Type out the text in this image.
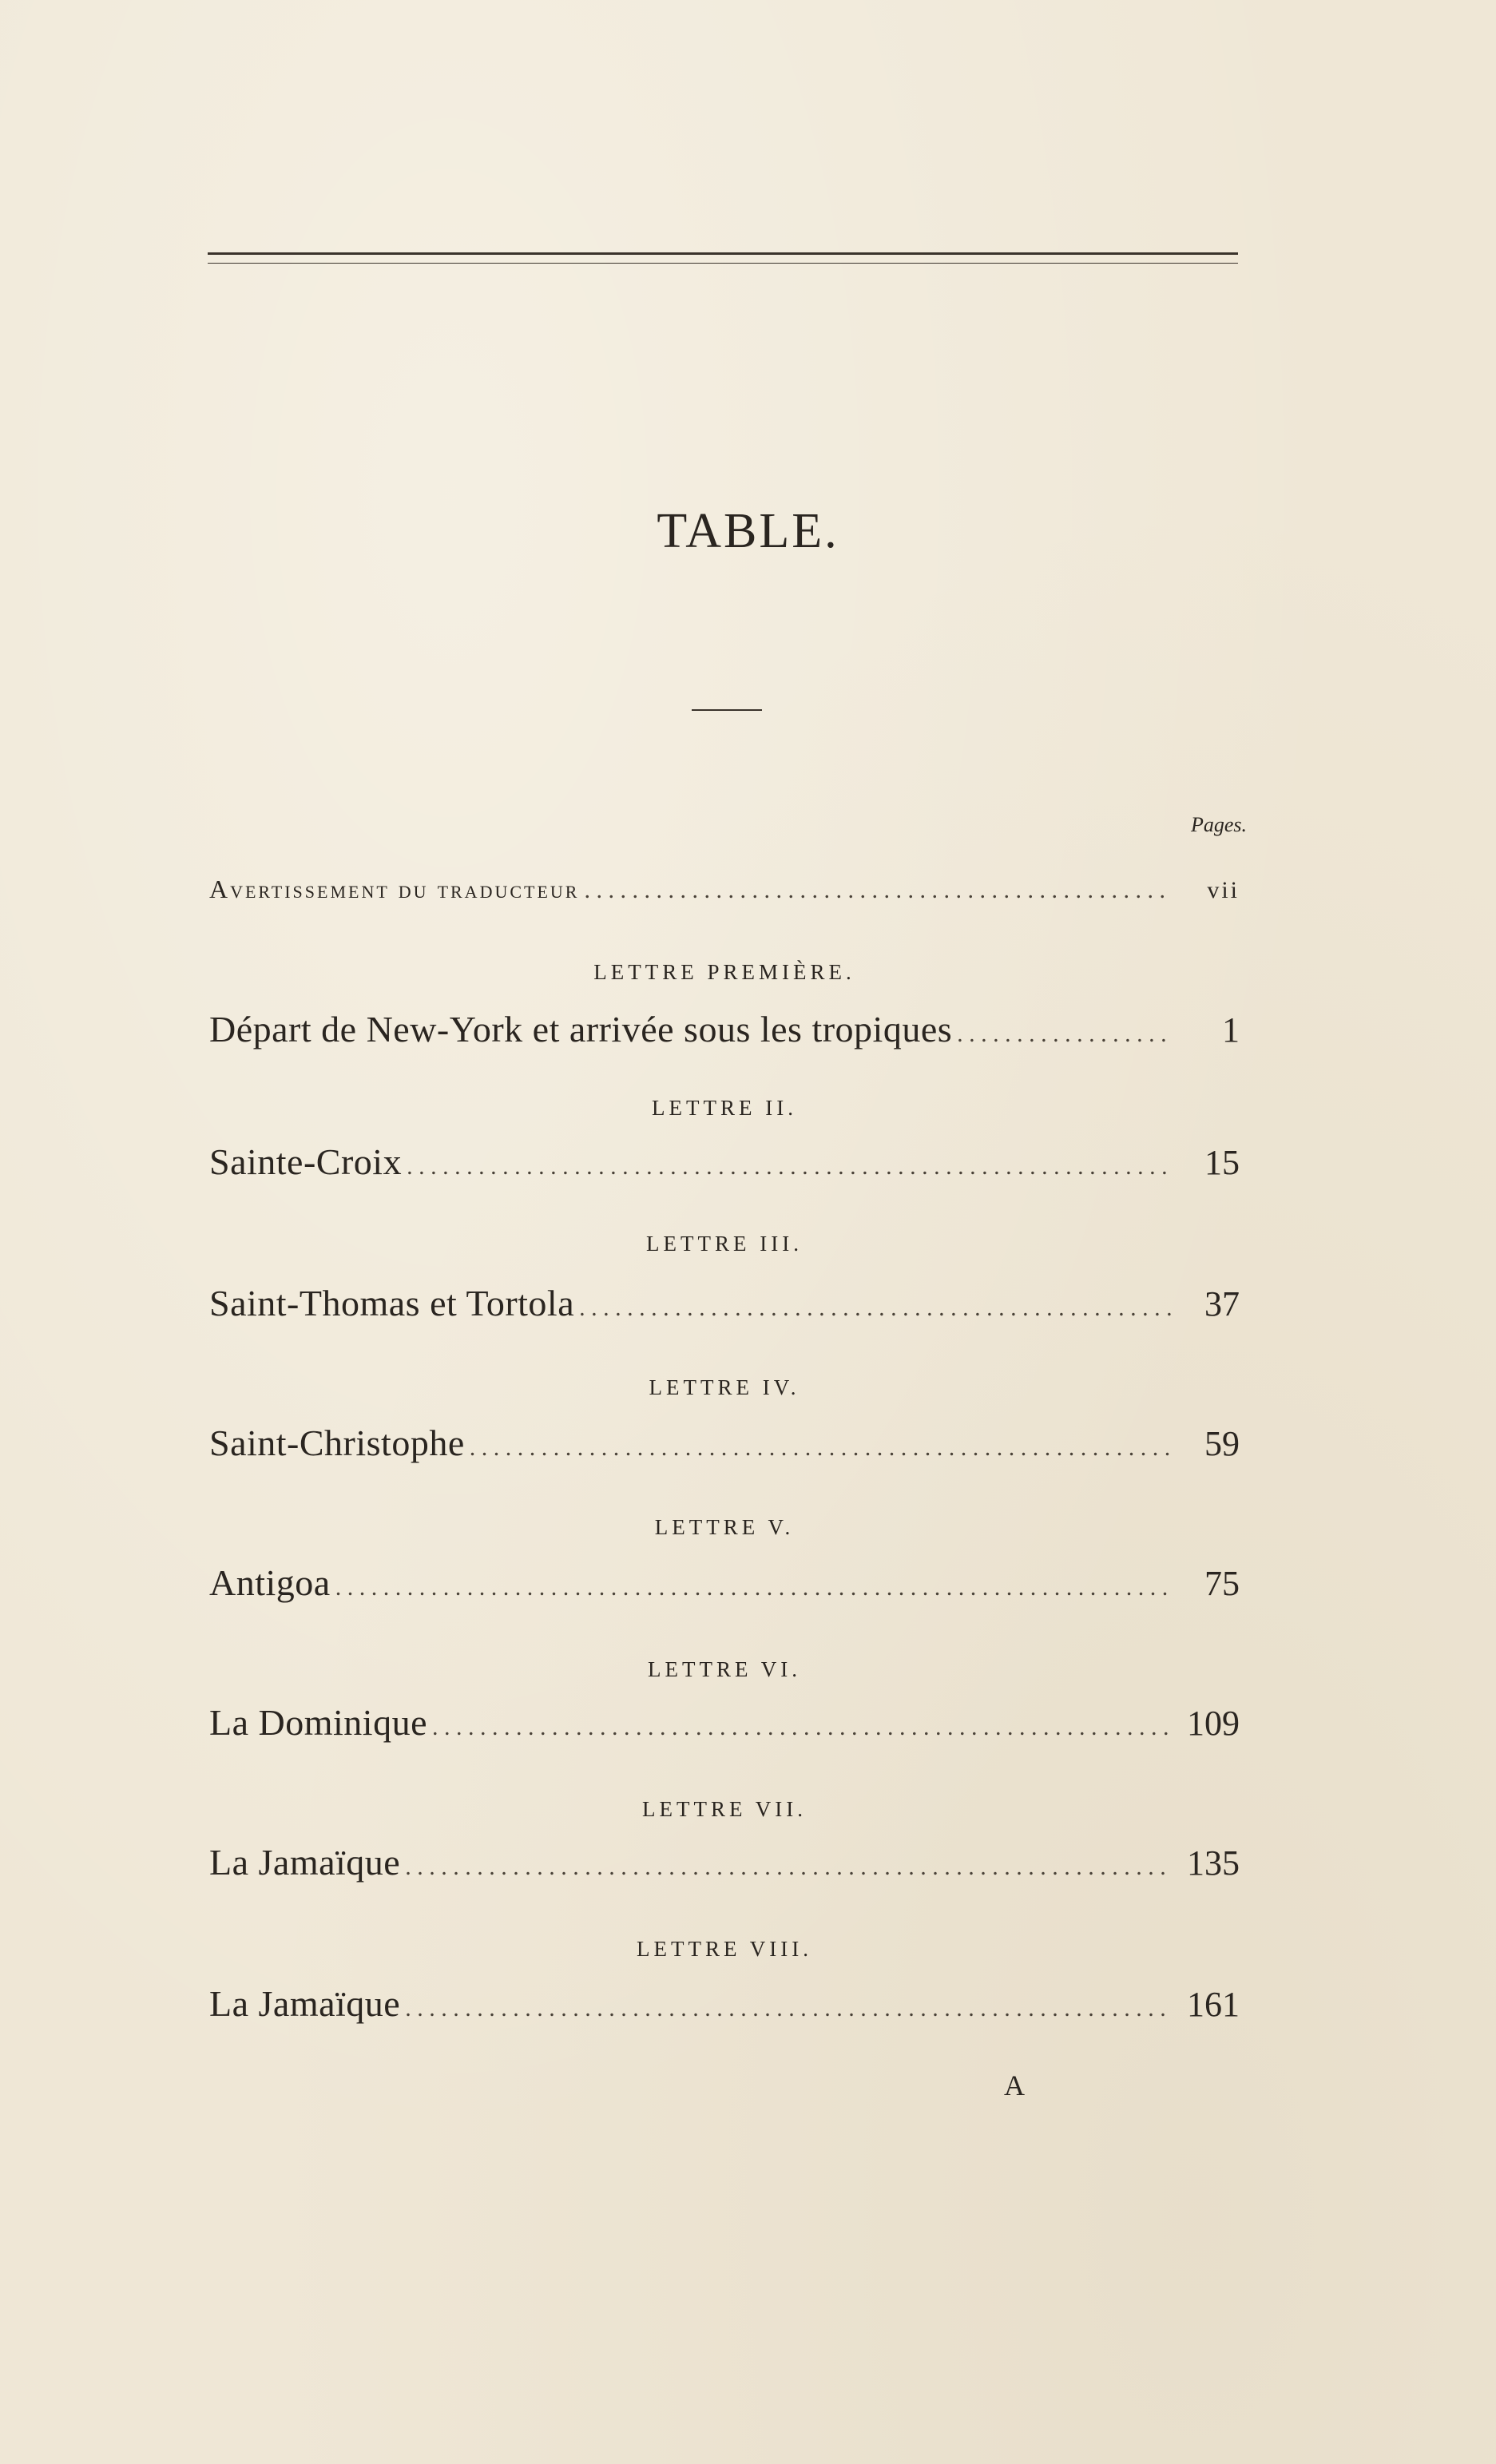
TABLE.
Pages.
Avertissement du traducteur . . .	vii
LETTRE PREMIÈRE.
Départ de New-York et arrivée sous les tropiques . . .	1
LETTRE II.
Sainte-Croix . . .	15
LETTRE III.
Saint-Thomas et Tortola . . .	37
LETTRE IV.
Saint-Christophe . . .	59
LETTRE V.
Antigoa . . .	75
LETTRE VI.
La Dominique . . .	109
LETTRE VII.
La Jamaïque . . .	135
LETTRE VIII.
La Jamaïque . . .	161
A
